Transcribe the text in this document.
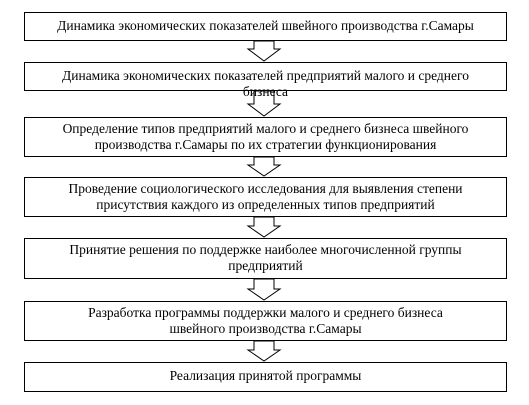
Динамика экономических показателей швейного производства г.Самары
Динамика экономических показателей предприятий малого и среднего
бизнеса
Определение типов предприятий малого и среднего бизнеса швейного
производства г.Самары по их стратегии функционирования
Проведение социологического исследования для выявления степени
присутствия каждого из определенных типов предприятий
Принятие решения по поддержке наиболее многочисленной группы
предприятий
Разработка программы поддержки малого и среднего бизнеса
швейного производства г.Самары
Реализация принятой программы
